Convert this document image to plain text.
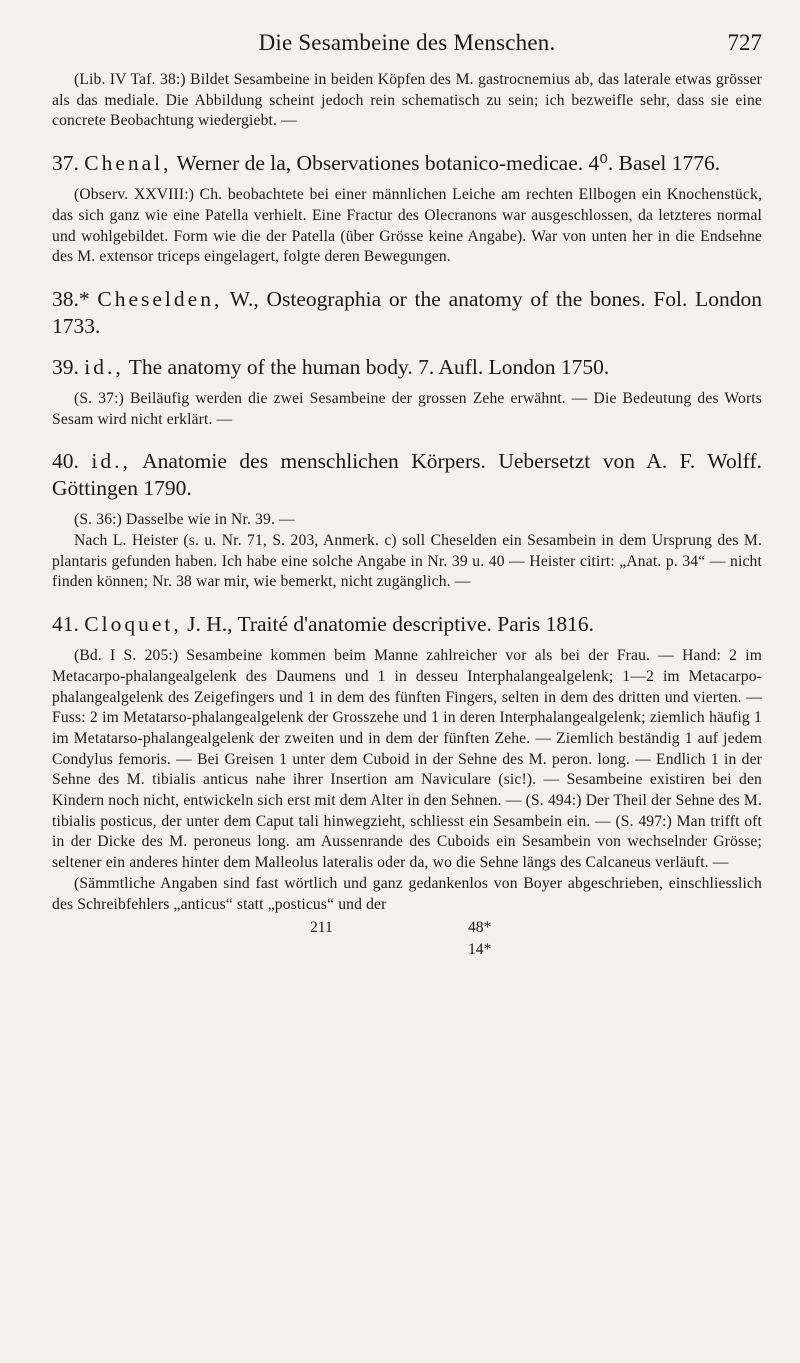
Die Sesambeine des Menschen.	727

(Lib. IV Taf. 38:) Bildet Sesambeine in beiden Köpfen des M. gastrocnemius ab, das laterale etwas grösser als das mediale. Die Abbildung scheint jedoch rein schematisch zu sein; ich bezweifle sehr, dass sie eine concrete Beobachtung wiedergiebt. —

37. Chenal, Werner de la, Observationes botanico-medicae. 4⁰. Basel 1776.

(Observ. XXVIII:) Ch. beobachtete bei einer männlichen Leiche am rechten Ellbogen ein Knochenstück, das sich ganz wie eine Patella verhielt. Eine Fractur des Olecranons war ausgeschlossen, da letzteres normal und wohlgebildet. Form wie die der Patella (über Grösse keine Angabe). War von unten her in die Endsehne des M. extensor triceps eingelagert, folgte deren Bewegungen.

38.* Cheselden, W., Osteographia or the anatomy of the bones. Fol. London 1733.

39. id., The anatomy of the human body. 7. Aufl. London 1750.

(S. 37:) Beiläufig werden die zwei Sesambeine der grossen Zehe erwähnt. — Die Bedeutung des Worts Sesam wird nicht erklärt. —

40. id., Anatomie des menschlichen Körpers. Uebersetzt von A. F. Wolff. Göttingen 1790.

(S. 36:) Dasselbe wie in Nr. 39. —

Nach L. Heister (s. u. Nr. 71, S. 203, Anmerk. c) soll Cheselden ein Sesambein in dem Ursprung des M. plantaris gefunden haben. Ich habe eine solche Angabe in Nr. 39 u. 40 — Heister citirt: „Anat. p. 34“ — nicht finden können; Nr. 38 war mir, wie bemerkt, nicht zugänglich. —

41. Cloquet, J. H., Traité d'anatomie descriptive. Paris 1816.

(Bd. I S. 205:) Sesambeine kommen beim Manne zahlreicher vor als bei der Frau. — Hand: 2 im Metacarpo-phalangealgelenk des Daumens und 1 in desseu Interphalangealgelenk; 1—2 im Metacarpo-phalangealgelenk des Zeigefingers und 1 in dem des fünften Fingers, selten in dem des dritten und vierten. — Fuss: 2 im Metatarso-phalangealgelenk der Grosszehe und 1 in deren Interphalangealgelenk; ziemlich häufig 1 im Metatarso-phalangealgelenk der zweiten und in dem der fünften Zehe. — Ziemlich beständig 1 auf jedem Condylus femoris. — Bei Greisen 1 unter dem Cuboid in der Sehne des M. peron. long. — Endlich 1 in der Sehne des M. tibialis anticus nahe ihrer Insertion am Naviculare (sic!). — Sesambeine existiren bei den Kindern noch nicht, entwickeln sich erst mit dem Alter in den Sehnen. — (S. 494:) Der Theil der Sehne des M. tibialis posticus, der unter dem Caput tali hinwegzieht, schliesst ein Sesambein ein. — (S. 497:) Man trifft oft in der Dicke des M. peroneus long. am Aussenrande des Cuboids ein Sesambein von wechselnder Grösse; seltener ein anderes hinter dem Malleolus lateralis oder da, wo die Sehne längs des Calcaneus verläuft. —

(Sämmtliche Angaben sind fast wörtlich und ganz gedankenlos von Boyer abgeschrieben, einschliesslich des Schreibfehlers „anticus“ statt „posticus“ und der

211	48*
14*
